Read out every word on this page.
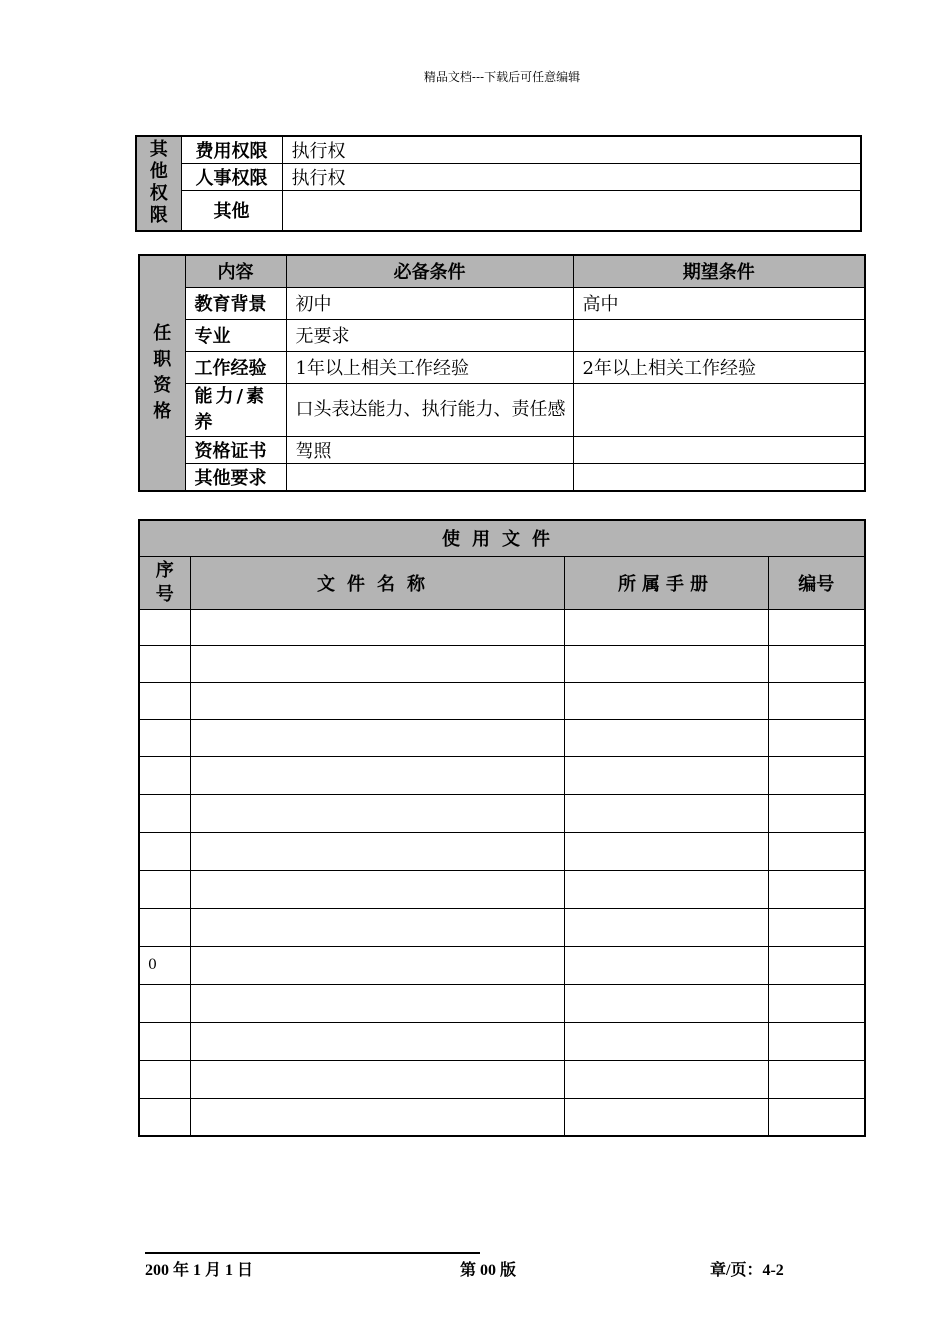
精品文档---下载后可任意编辑
其
他
权
限	费用权限	执行权
	人事权限	执行权
	其他	
任
职
资
格	内容	必备条件	期望条件
	教育背景	初中	高中
	专业	无要求	
	工作经验	1年以上相关工作经验	2年以上相关工作经验
	能力/素养	口头表达能力、执行能力、责任感	
	资格证书	驾照	
	其他要求		
使用文件			

序
号	文件名称	所属手册	编号

0			

200 年 1 月 1 日	第 00 版	章/页：4-2
